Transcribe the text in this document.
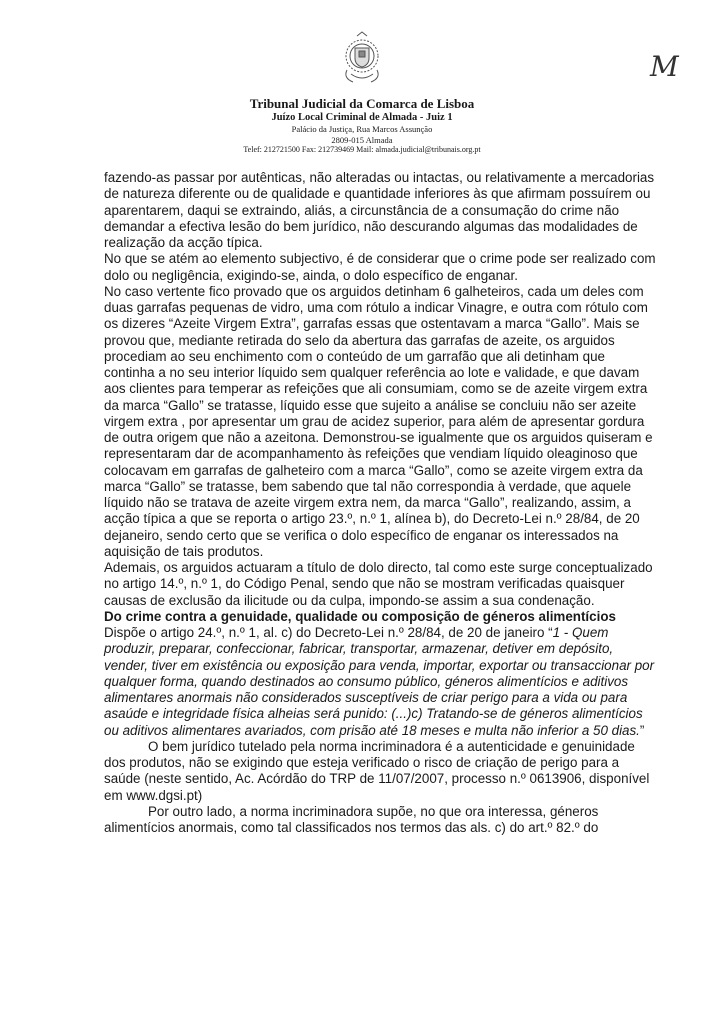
Tribunal Judicial da Comarca de Lisboa
Juízo Local Criminal de Almada - Juiz 1
Palácio da Justiça, Rua Marcos Assunção
2809-015 Almada
Telef: 212721500 Fax: 212739469 Mail: almada.judicial@tribunais.org.pt
M

fazendo-as passar por autênticas, não alteradas ou intactas, ou relativamente a mercadorias de natureza diferente ou de qualidade e quantidade inferiores às que afirmam possuírem ou aparentarem, daqui se extraindo, aliás, a circunstância de a consumação do crime não demandar a efectiva lesão do bem jurídico, não descurando algumas das modalidades de realização da acção típica.

No que se atém ao elemento subjectivo, é de considerar que o crime pode ser realizado com dolo ou negligência, exigindo-se, ainda, o dolo específico de enganar.

No caso vertente fico provado que os arguidos detinham 6 galheteiros, cada um deles com duas garrafas pequenas de vidro, uma com rótulo a indicar Vinagre, e outra com rótulo com os dizeres “Azeite Virgem Extra”, garrafas essas que ostentavam a marca “Gallo”. Mais se provou que, mediante retirada do selo da abertura das garrafas de azeite, os arguidos procediam ao seu enchimento com o conteúdo de um garrafão que ali detinham que continha a no seu interior líquido sem qualquer referência ao lote e validade, e que davam aos clientes para temperar as refeições que ali consumiam, como se de azeite virgem extra da marca “Gallo” se tratasse, líquido esse que sujeito a análise se concluiu não ser azeite virgem extra , por apresentar um grau de acidez superior, para além de apresentar gordura de outra origem que não a azeitona. Demonstrou-se igualmente que os arguidos quiseram e representaram dar de acompanhamento às refeições que vendiam líquido oleaginoso que colocavam em garrafas de galheteiro com a marca “Gallo”, como se azeite virgem extra da marca “Gallo” se tratasse, bem sabendo que tal não correspondia à verdade, que aquele líquido não se tratava de azeite virgem extra nem, da marca “Gallo”, realizando, assim, a acção típica a que se reporta o artigo 23.º, n.º 1, alínea b), do Decreto-Lei n.º 28/84, de 20 dejaneiro, sendo certo que se verifica o dolo específico de enganar os interessados na aquisição de tais produtos.

Ademais, os arguidos actuaram a título de dolo directo, tal como este surge conceptualizado no artigo 14.º, n.º 1, do Código Penal, sendo que não se mostram verificadas quaisquer causas de exclusão da ilicitude ou da culpa, impondo-se assim a sua condenação.

Do crime contra a genuidade, qualidade ou composição de géneros alimentícios

Dispõe o artigo 24.º, n.º 1, al. c) do Decreto-Lei n.º 28/84, de 20 de janeiro “1 - Quem produzir, preparar, confeccionar, fabricar, transportar, armazenar, detiver em depósito, vender, tiver em existência ou exposição para venda, importar, exportar ou transaccionar por qualquer forma, quando destinados ao consumo público, géneros alimentícios e aditivos alimentares anormais não considerados susceptíveis de criar perigo para a vida ou para asaúde e integridade física alheias será punido: (...)c) Tratando-se de géneros alimentícios ou aditivos alimentares avariados, com prisão até 18 meses e multa não inferior a 50 dias.”

O bem jurídico tutelado pela norma incriminadora é a autenticidade e genuinidade dos produtos, não se exigindo que esteja verificado o risco de criação de perigo para a saúde (neste sentido, Ac. Acórdão do TRP de 11/07/2007, processo n.º 0613906, disponível em www.dgsi.pt)

Por outro lado, a norma incriminadora supõe, no que ora interessa, géneros alimentícios anormais, como tal classificados nos termos das als. c) do art.º 82.º do
